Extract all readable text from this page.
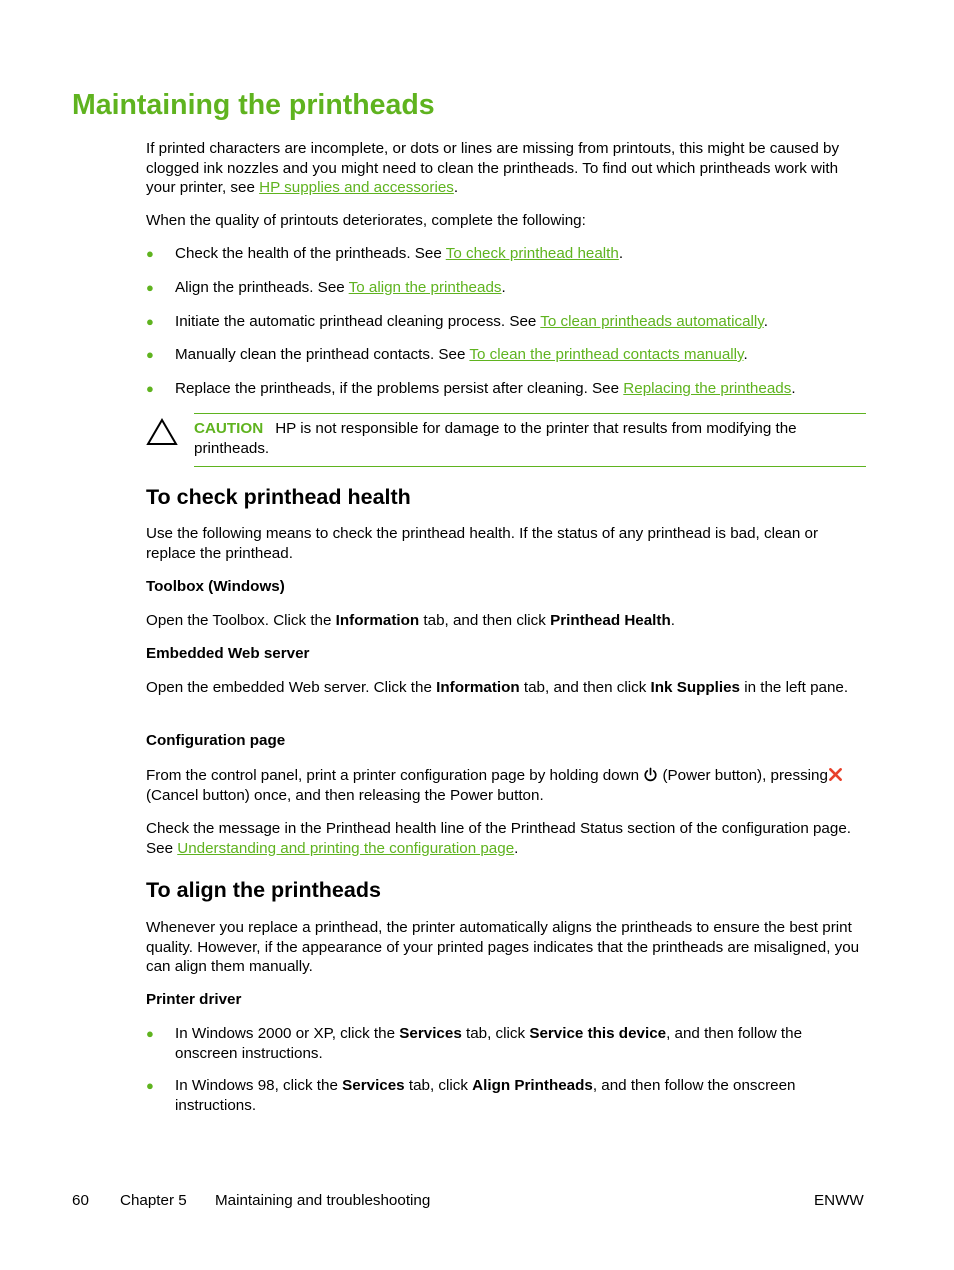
Maintaining the printheads

If printed characters are incomplete, or dots or lines are missing from printouts, this might be caused by clogged ink nozzles and you might need to clean the printheads. To find out which printheads work with your printer, see HP supplies and accessories.

When the quality of printouts deteriorates, complete the following:

● Check the health of the printheads. See To check printhead health.
● Align the printheads. See To align the printheads.
● Initiate the automatic printhead cleaning process. See To clean printheads automatically.
● Manually clean the printhead contacts. See To clean the printhead contacts manually.
● Replace the printheads, if the problems persist after cleaning. See Replacing the printheads.
CAUTION HP is not responsible for damage to the printer that results from modifying the printheads.
To check printhead health

Use the following means to check the printhead health. If the status of any printhead is bad, clean or replace the printhead.

Toolbox (Windows)

Open the Toolbox. Click the Information tab, and then click Printhead Health.

Embedded Web server

Open the embedded Web server. Click the Information tab, and then click Ink Supplies in the left pane.

Configuration page

From the control panel, print a printer configuration page by holding down  (Power button), pressing (Cancel button) once, and then releasing the Power button.

Check the message in the Printhead health line of the Printhead Status section of the configuration page. See Understanding and printing the configuration page.

To align the printheads

Whenever you replace a printhead, the printer automatically aligns the printheads to ensure the best print quality. However, if the appearance of your printed pages indicates that the printheads are misaligned, you can align them manually.

Printer driver

● In Windows 2000 or XP, click the Services tab, click Service this device, and then follow the onscreen instructions.
● In Windows 98, click the Services tab, click Align Printheads, and then follow the onscreen instructions.
60 Chapter 5 Maintaining and troubleshooting	ENWW
